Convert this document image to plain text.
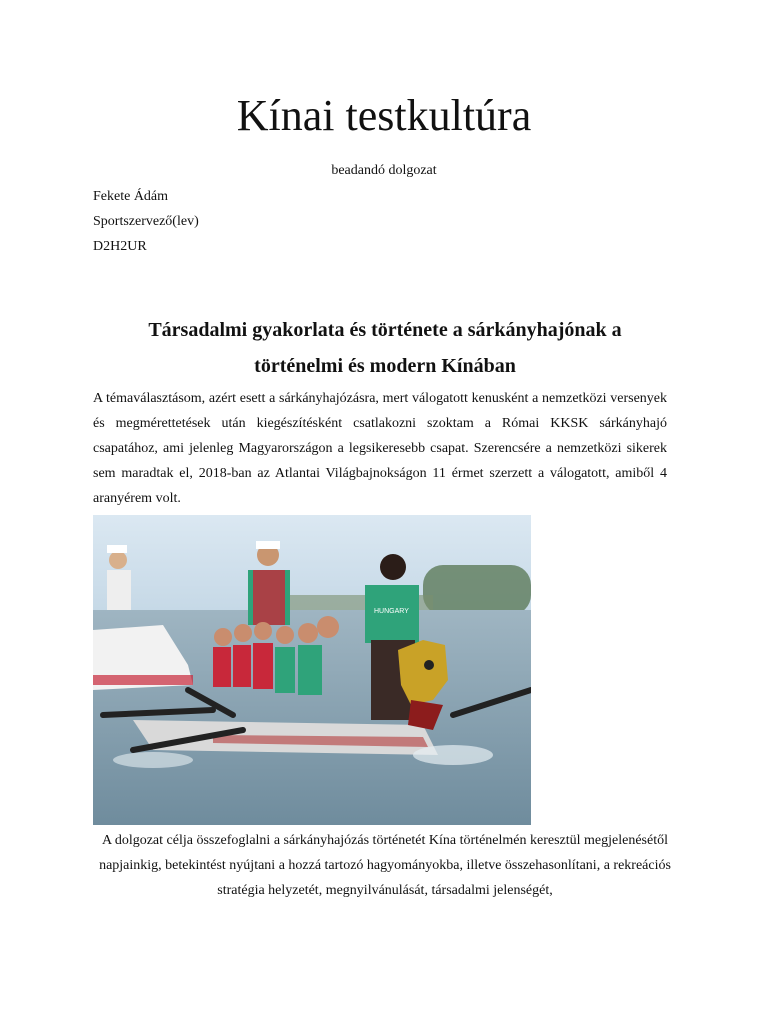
Kínai testkultúra
beadandó dolgozat
Fekete Ádám
Sportszervező(lev)
D2H2UR
Társadalmi gyakorlata és története a sárkányhajónak a
történelmi és modern Kínában

A témaválasztásom, azért esett a sárkányhajózásra, mert válogatott kenusként a nemzetközi versenyek és megmérettetések után kiegészítésként csatlakozni szoktam a Római KKSK sárkányhajó csapatához, ami jelenleg Magyarországon a legsikeresebb csapat. Szerencsére a nemzetközi sikerek sem maradtak el, 2018-ban az Atlantai Világbajnokságon 11 érmet szerzett a válogatott, amiből 4 aranyérem volt.

HUNGARY

A dolgozat célja összefoglalni a sárkányhajózás történetét Kína történelmén keresztül megjelenésétől napjainkig, betekintést nyújtani a hozzá tartozó hagyományokba, illetve összehasonlítani, a rekreációs stratégia helyzetét, megnyilvánulását, társadalmi jelenségét,
